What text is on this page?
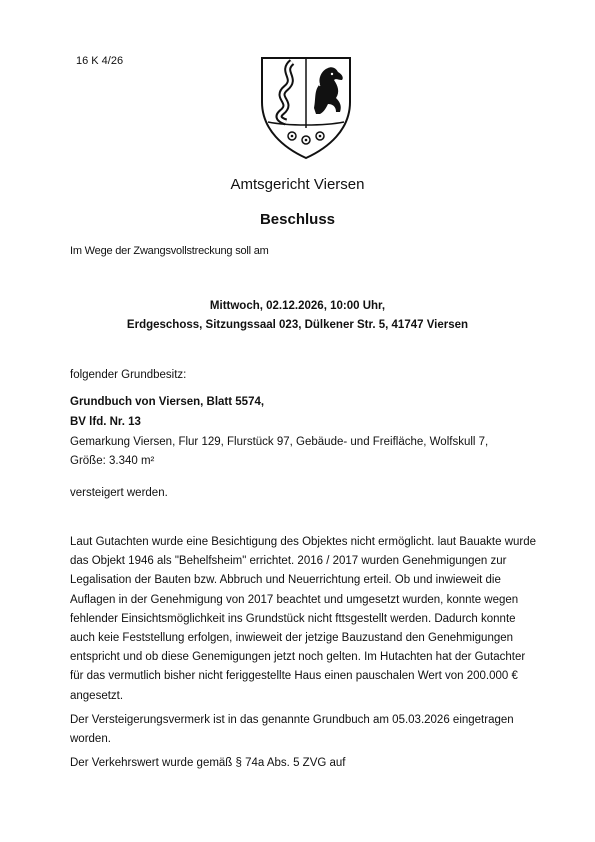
16 K 4/26
Amtsgericht Viersen
Beschluss
Im Wege der Zwangsvollstreckung soll am
Mittwoch, 02.12.2026, 10:00 Uhr,
Erdgeschoss, Sitzungssaal 023, Dülkener Str. 5, 41747 Viersen
folgender Grundbesitz:
Grundbuch von Viersen, Blatt 5574,
BV lfd. Nr. 13
Gemarkung Viersen, Flur 129, Flurstück 97, Gebäude- und Freifläche, Wolfskull 7,
Größe: 3.340 m²
versteigert werden.

Laut Gutachten wurde eine Besichtigung des Objektes nicht ermöglicht. laut Bauakte wurde das Objekt 1946 als "Behelfsheim" errichtet. 2016 / 2017 wurden Genehmigungen zur Legalisation der Bauten bzw. Abbruch und Neuerrichtung erteil. Ob und inwieweit die Auflagen in der Genehmigung von 2017 beachtet und umgesetzt wurden, konnte wegen fehlender Einsichtsmöglichkeit ins Grundstück nicht fttsgestellt werden. Dadurch konnte auch keie Feststellung erfolgen, inwieweit der jetzige Bauzustand den Genehmigungen entspricht und ob diese Genemigungen jetzt noch gelten. Im Hutachten hat der Gutachter für das vermutlich bisher nicht feriggestellte Haus einen pauschalen Wert von 200.000 € angesetzt.

Der Versteigerungsvermerk ist in das genannte Grundbuch am 05.03.2026 eingetragen worden.

Der Verkehrswert wurde gemäß § 74a Abs. 5 ZVG auf
